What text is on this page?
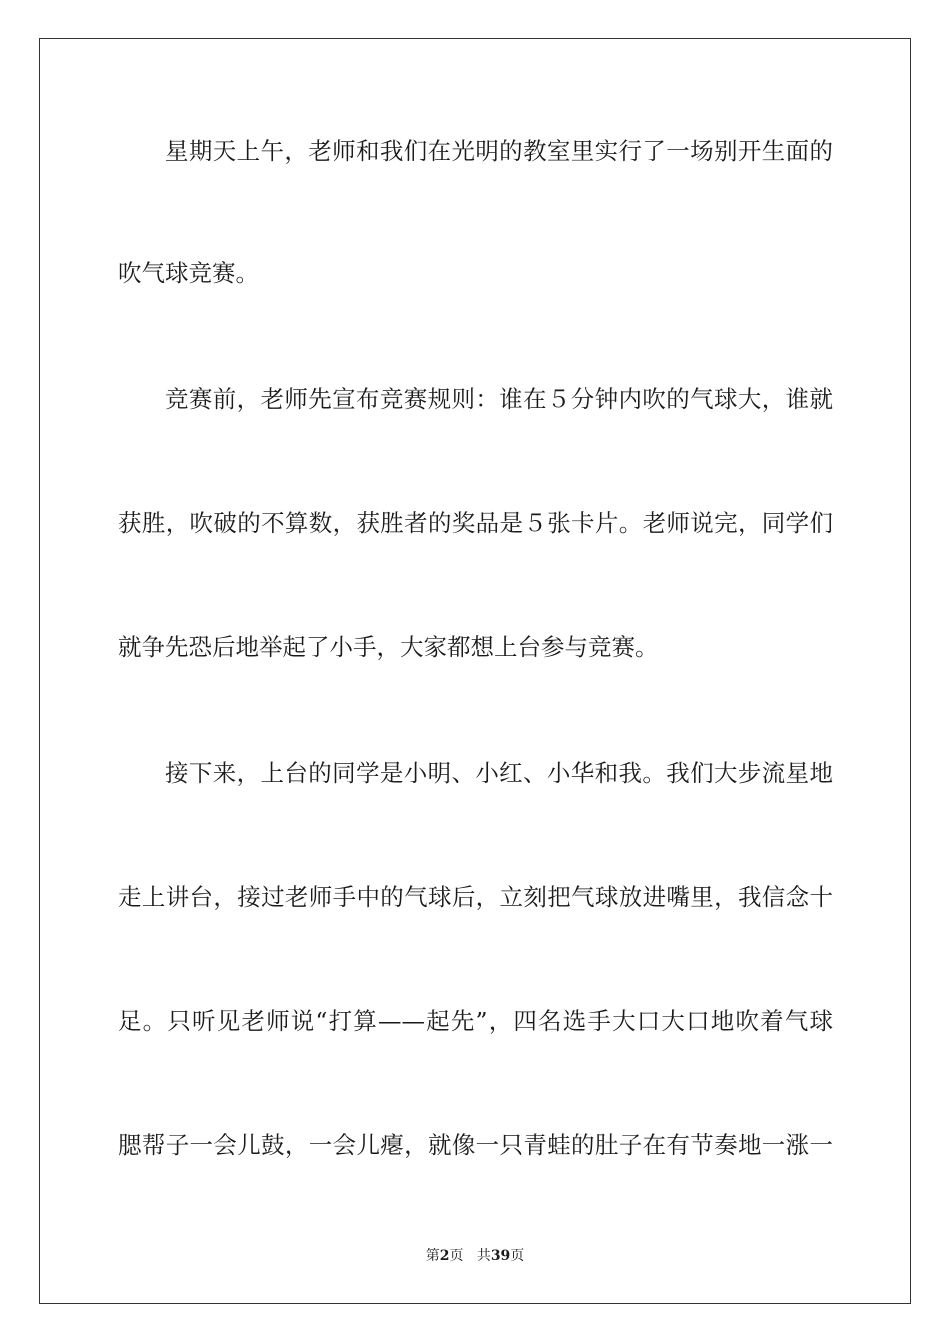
星期天上午，老师和我们在光明的教室里实行了一场别开生面的
吹气球竞赛。
竞赛前，老师先宣布竞赛规则：谁在５分钟内吹的气球大，谁就
获胜，吹破的不算数，获胜者的奖品是５张卡片。老师说完，同学们
就争先恐后地举起了小手，大家都想上台参与竞赛。
接下来，上台的同学是小明、小红、小华和我。我们大步流星地
走上讲台，接过老师手中的气球后，立刻把气球放进嘴里，我信念十
足。只听见老师说“打算——起先”，四名选手大口大口地吹着气球
腮帮子一会儿鼓，一会儿瘪，就像一只青蛙的肚子在有节奏地一涨一
第2页 共39页
